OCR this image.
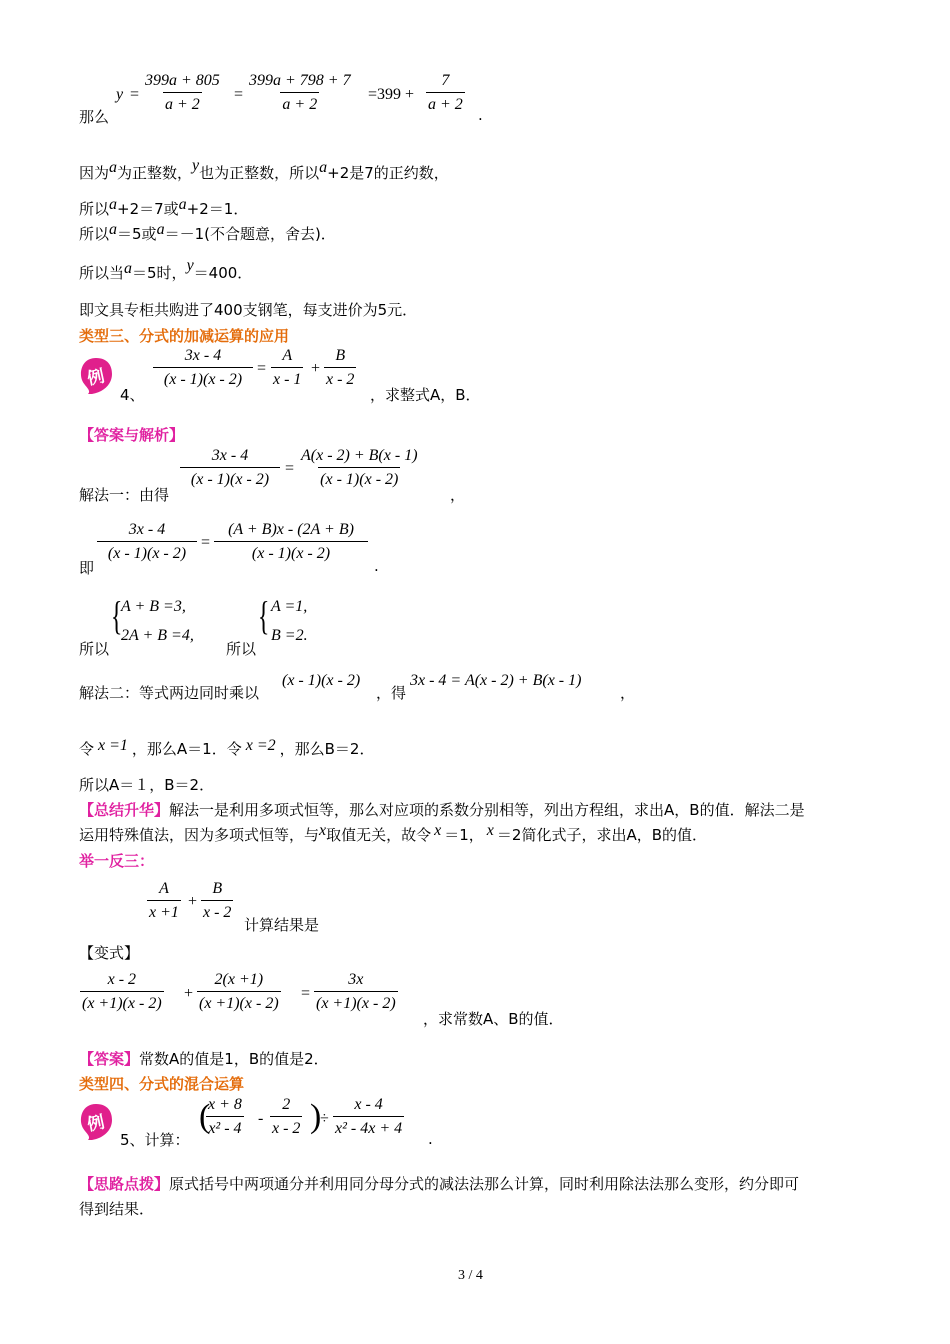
那么
$y = \frac{399a + 805}{a + 2} = \frac{399a + 798 + 7}{a + 2} =399 + \frac{7}{a + 2}$
.
因为a为正整数，y也为正整数，所以a+2是7的正约数，
所以a+2＝7或a+2＝1．
所以a＝5或a＝－1(不合题意，舍去)．
所以当a＝5时，y＝400．
即文具专柜共购进了400支钢笔，每支进价为5元．
类型三、分式的加减运算的应用
例
4、
$\frac{3x - 4}{(x - 1)(x - 2)} = \frac{A}{x - 1} + \frac{B}{x - 2}$
，求整式A，B．
【答案与解析】
解法一：由得
$\frac{3x - 4}{(x - 1)(x - 2)} = \frac{A(x - 2) + B(x - 1)}{(x - 1)(x - 2)}$
，
即
$\frac{3x - 4}{(x - 1)(x - 2)} = \frac{(A + B)x - (2A + B)}{(x - 1)(x - 2)}$
.
所以
{
A + B =3,
2A + B =4,
所以
{ A =1,
B =2.
解法二：等式两边同时乘以
(x - 1)(x - 2)
，得
3x - 4 = A(x - 2) + B(x - 1)
，
令 x =1 ，那么A＝1．令 x =2 ，那么B＝2．
所以A＝１，B＝2．
【总结升华】解法一是利用多项式恒等，那么对应项的系数分别相等，列出方程组，求出A，B的值．解法二是
运用特殊值法，因为多项式恒等，与x取值无关，故令 x ＝1， x ＝2简化式子，求出A，B的值．
举一反三：
$\frac{A}{x +1} + \frac{B}{x - 2}$
计算结果是
【变式】
$\frac{x - 2}{(x +1)(x - 2)} + \frac{2(x +1)}{(x +1)(x - 2)} = \frac{3x}{(x +1)(x - 2)}$
，求常数A、B的值．
【答案】常数A的值是1，B的值是2．
类型四、分式的混合运算
例
5、计算：
(
$\frac{x + 8}{\text{x² - 4}} - \frac{2}{x - 2}$ )
÷ $\frac{x - 4}{\text{x² - 4x + 4}}$
.
【思路点拨】原式括号中两项通分并利用同分母分式的减法法那么计算，同时利用除法法那么变形，约分即可
得到结果．
3 / 4
